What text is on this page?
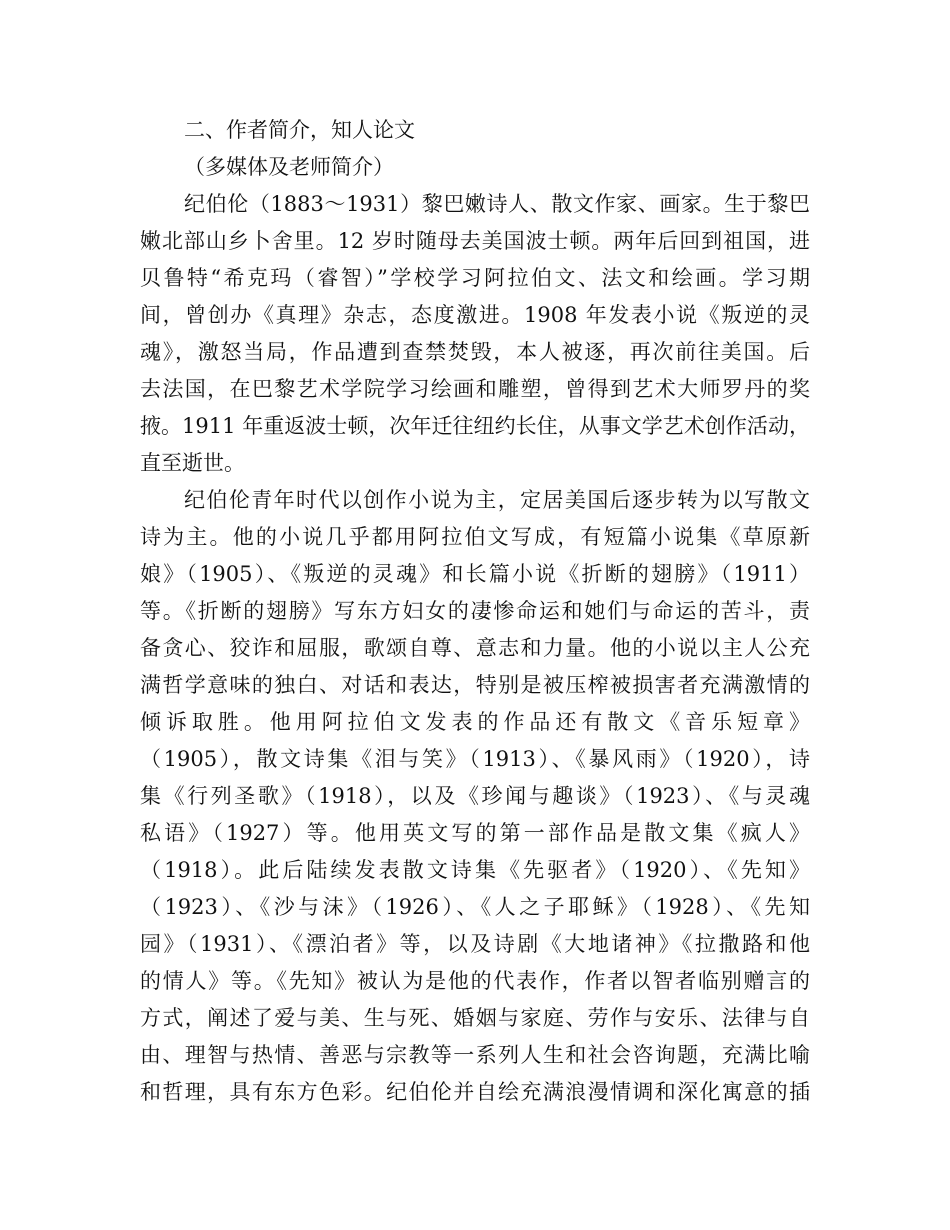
二、作者简介，知人论文
（多媒体及老师简介）
纪伯伦（1883～1931）黎巴嫩诗人、散文作家、画家。生于黎巴
嫩北部山乡卜舍里。12 岁时随母去美国波士顿。两年后回到祖国，进
贝鲁特“希克玛（睿智）”学校学习阿拉伯文、法文和绘画。学习期
间，曾创办《真理》杂志，态度激进。1908 年发表小说《叛逆的灵
魂》，激怒当局，作品遭到查禁焚毁，本人被逐，再次前往美国。后
去法国，在巴黎艺术学院学习绘画和雕塑，曾得到艺术大师罗丹的奖
掖。1911 年重返波士顿，次年迁往纽约长住，从事文学艺术创作活动，
直至逝世。
纪伯伦青年时代以创作小说为主，定居美国后逐步转为以写散文
诗为主。他的小说几乎都用阿拉伯文写成，有短篇小说集《草原新
娘》（1905）、《叛逆的灵魂》和长篇小说《折断的翅膀》（1911）
等。《折断的翅膀》写东方妇女的凄惨命运和她们与命运的苦斗，责
备贪心、狡诈和屈服，歌颂自尊、意志和力量。他的小说以主人公充
满哲学意味的独白、对话和表达，特别是被压榨被损害者充满激情的
倾诉取胜。他用阿拉伯文发表的作品还有散文《音乐短章》
（1905），散文诗集《泪与笑》（1913）、《暴风雨》（1920），诗
集《行列圣歌》（1918），以及《珍闻与趣谈》（1923）、《与灵魂
私语》（1927）等。他用英文写的第一部作品是散文集《疯人》
（1918）。此后陆续发表散文诗集《先驱者》（1920）、《先知》
（1923）、《沙与沫》（1926）、《人之子耶稣》（1928）、《先知
园》（1931）、《漂泊者》等，以及诗剧《大地诸神》《拉撒路和他
的情人》等。《先知》被认为是他的代表作，作者以智者临别赠言的
方式，阐述了爱与美、生与死、婚姻与家庭、劳作与安乐、法律与自
由、理智与热情、善恶与宗教等一系列人生和社会咨询题，充满比喻
和哲理，具有东方色彩。纪伯伦并自绘充满浪漫情调和深化寓意的插
